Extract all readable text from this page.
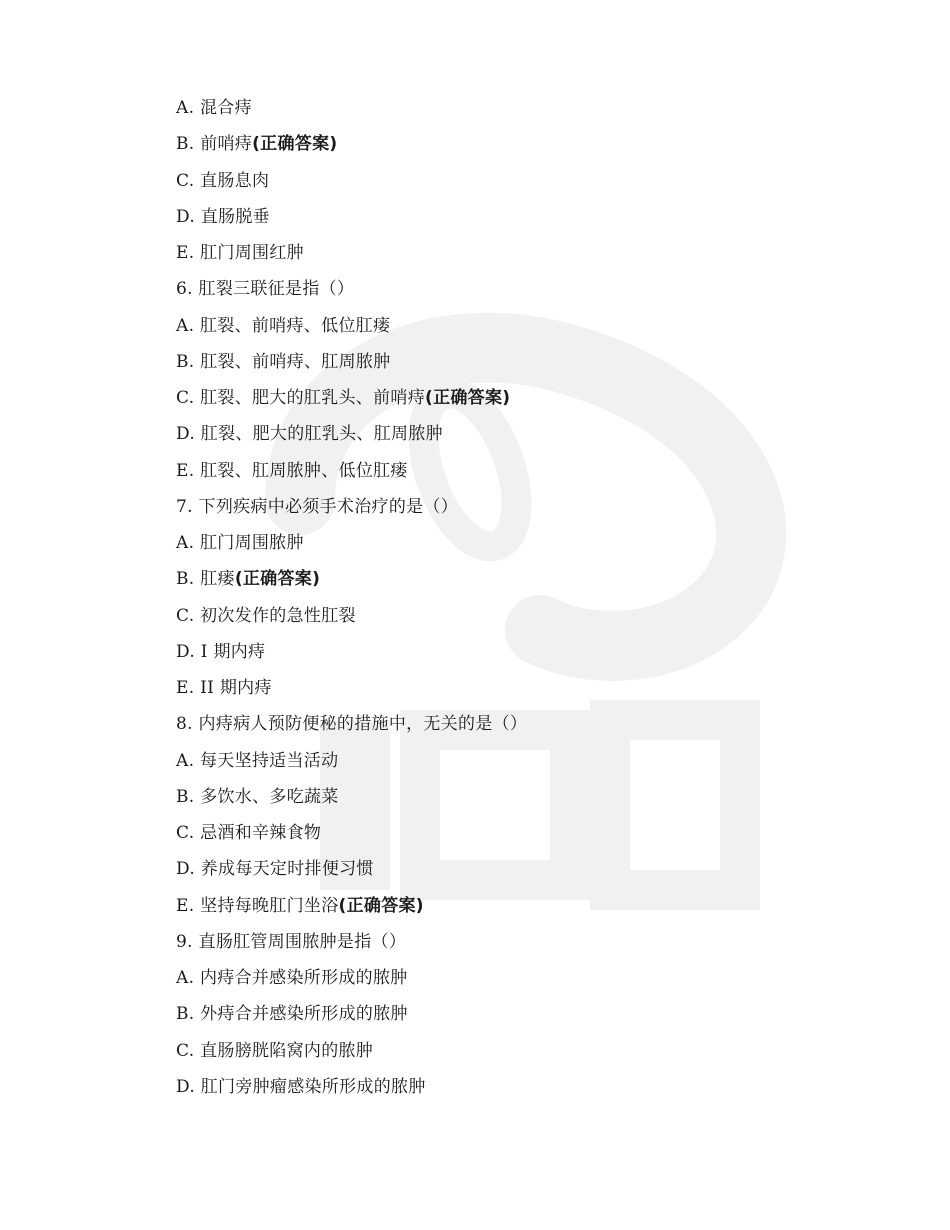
A. 混合痔
B. 前哨痔(正确答案)
C. 直肠息肉
D. 直肠脱垂
E. 肛门周围红肿
6. 肛裂三联征是指（）
A. 肛裂、前哨痔、低位肛瘘
B. 肛裂、前哨痔、肛周脓肿
C. 肛裂、肥大的肛乳头、前哨痔(正确答案)
D. 肛裂、肥大的肛乳头、肛周脓肿
E. 肛裂、肛周脓肿、低位肛瘘
7. 下列疾病中必须手术治疗的是（）
A. 肛门周围脓肿
B. 肛瘘(正确答案)
C. 初次发作的急性肛裂
D. I 期内痔
E. II 期内痔
8. 内痔病人预防便秘的措施中，无关的是（）
A. 每天坚持适当活动
B. 多饮水、多吃蔬菜
C. 忌酒和辛辣食物
D. 养成每天定时排便习惯
E. 坚持每晚肛门坐浴(正确答案)
9. 直肠肛管周围脓肿是指（）
A. 内痔合并感染所形成的脓肿
B. 外痔合并感染所形成的脓肿
C. 直肠膀胱陷窝内的脓肿
D. 肛门旁肿瘤感染所形成的脓肿
